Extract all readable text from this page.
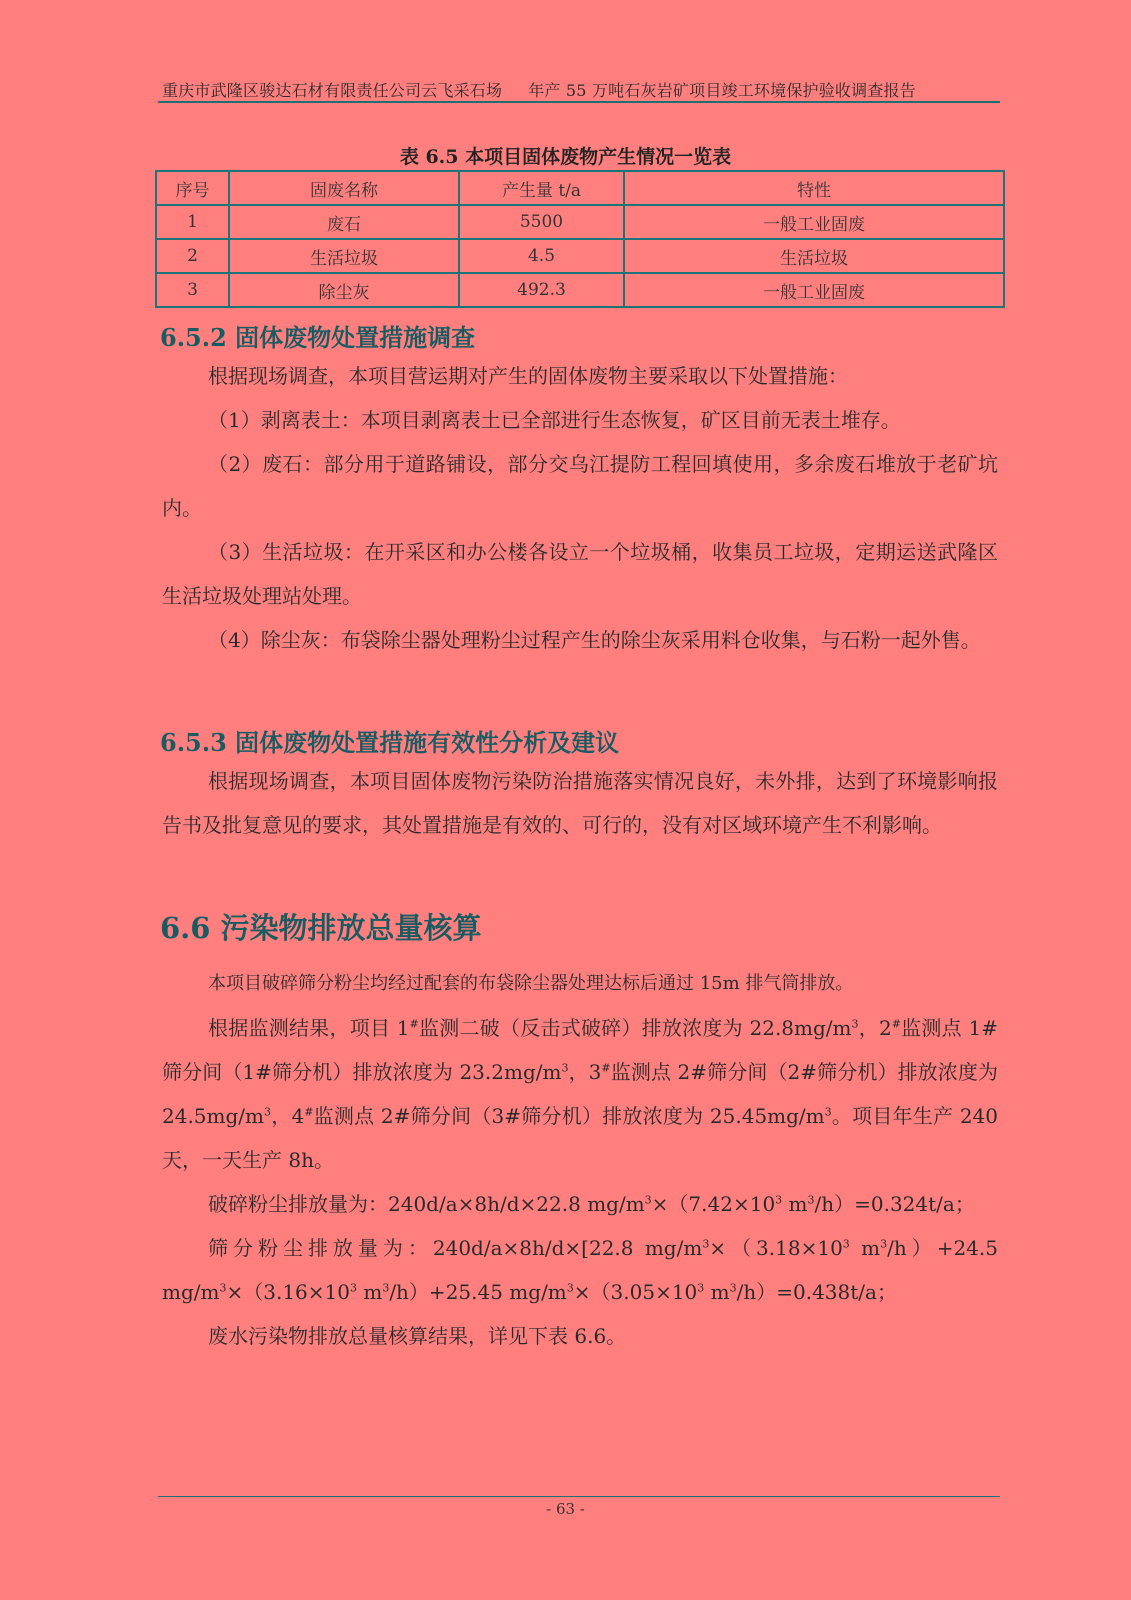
重庆市武隆区骏达石材有限责任公司云飞采石场 年产 55 万吨石灰岩矿项目竣工环境保护验收调查报告
表 6.5 本项目固体废物产生情况一览表
序号	固废名称	产生量 t/a	特性
1	废石	5500	一般工业固废
2	生活垃圾	4.5	生活垃圾
3	除尘灰	492.3	一般工业固废
6.5.2 固体废物处置措施调查
根据现场调查，本项目营运期对产生的固体废物主要采取以下处置措施：
（1）剥离表土：本项目剥离表土已全部进行生态恢复，矿区目前无表土堆存。
（2）废石：部分用于道路铺设，部分交乌江提防工程回填使用，多余废石堆放于老矿坑内。
（3）生活垃圾：在开采区和办公楼各设立一个垃圾桶，收集员工垃圾，定期运送武隆区生活垃圾处理站处理。
（4）除尘灰：布袋除尘器处理粉尘过程产生的除尘灰采用料仓收集，与石粉一起外售。
6.5.3 固体废物处置措施有效性分析及建议
根据现场调查，本项目固体废物污染防治措施落实情况良好，未外排，达到了环境影响报告书及批复意见的要求，其处置措施是有效的、可行的，没有对区域环境产生不利影响。
6.6 污染物排放总量核算
本项目破碎筛分粉尘均经过配套的布袋除尘器处理达标后通过 15m 排气筒排放。
根据监测结果，项目 1#监测二破（反击式破碎）排放浓度为 $22.8mg/m^3$，2#监测点 1#筛分间（1#筛分机）排放浓度为 $23.2mg/m^3$，3#监测点 2#筛分间（2#筛分机）排放浓度为 $24.5mg/m^3$，4#监测点 2#筛分间（3#筛分机）排放浓度为 $25.45mg/m^3$。项目年生产 240 天，一天生产 8h。
破碎粉尘排放量为：240d/a×8h/d×22.8 $mg/m^3\times(7.42\times 10^3$ $m^3/h)=0.324t/a$；
筛分粉尘排放量为：240d/a×8h/d×[22.8 $mg/m^3\times(3.18\times 10^3$ $m^3/h)+24.5$ $mg/m^3\times(3.16\times 10^3$ $m^3/h)+25.45$ $mg/m^3\times(3.05\times 10^3$ $m^3/h)=0.438t/a$；
废水污染物排放总量核算结果，详见下表 6.6。
- 63 -
